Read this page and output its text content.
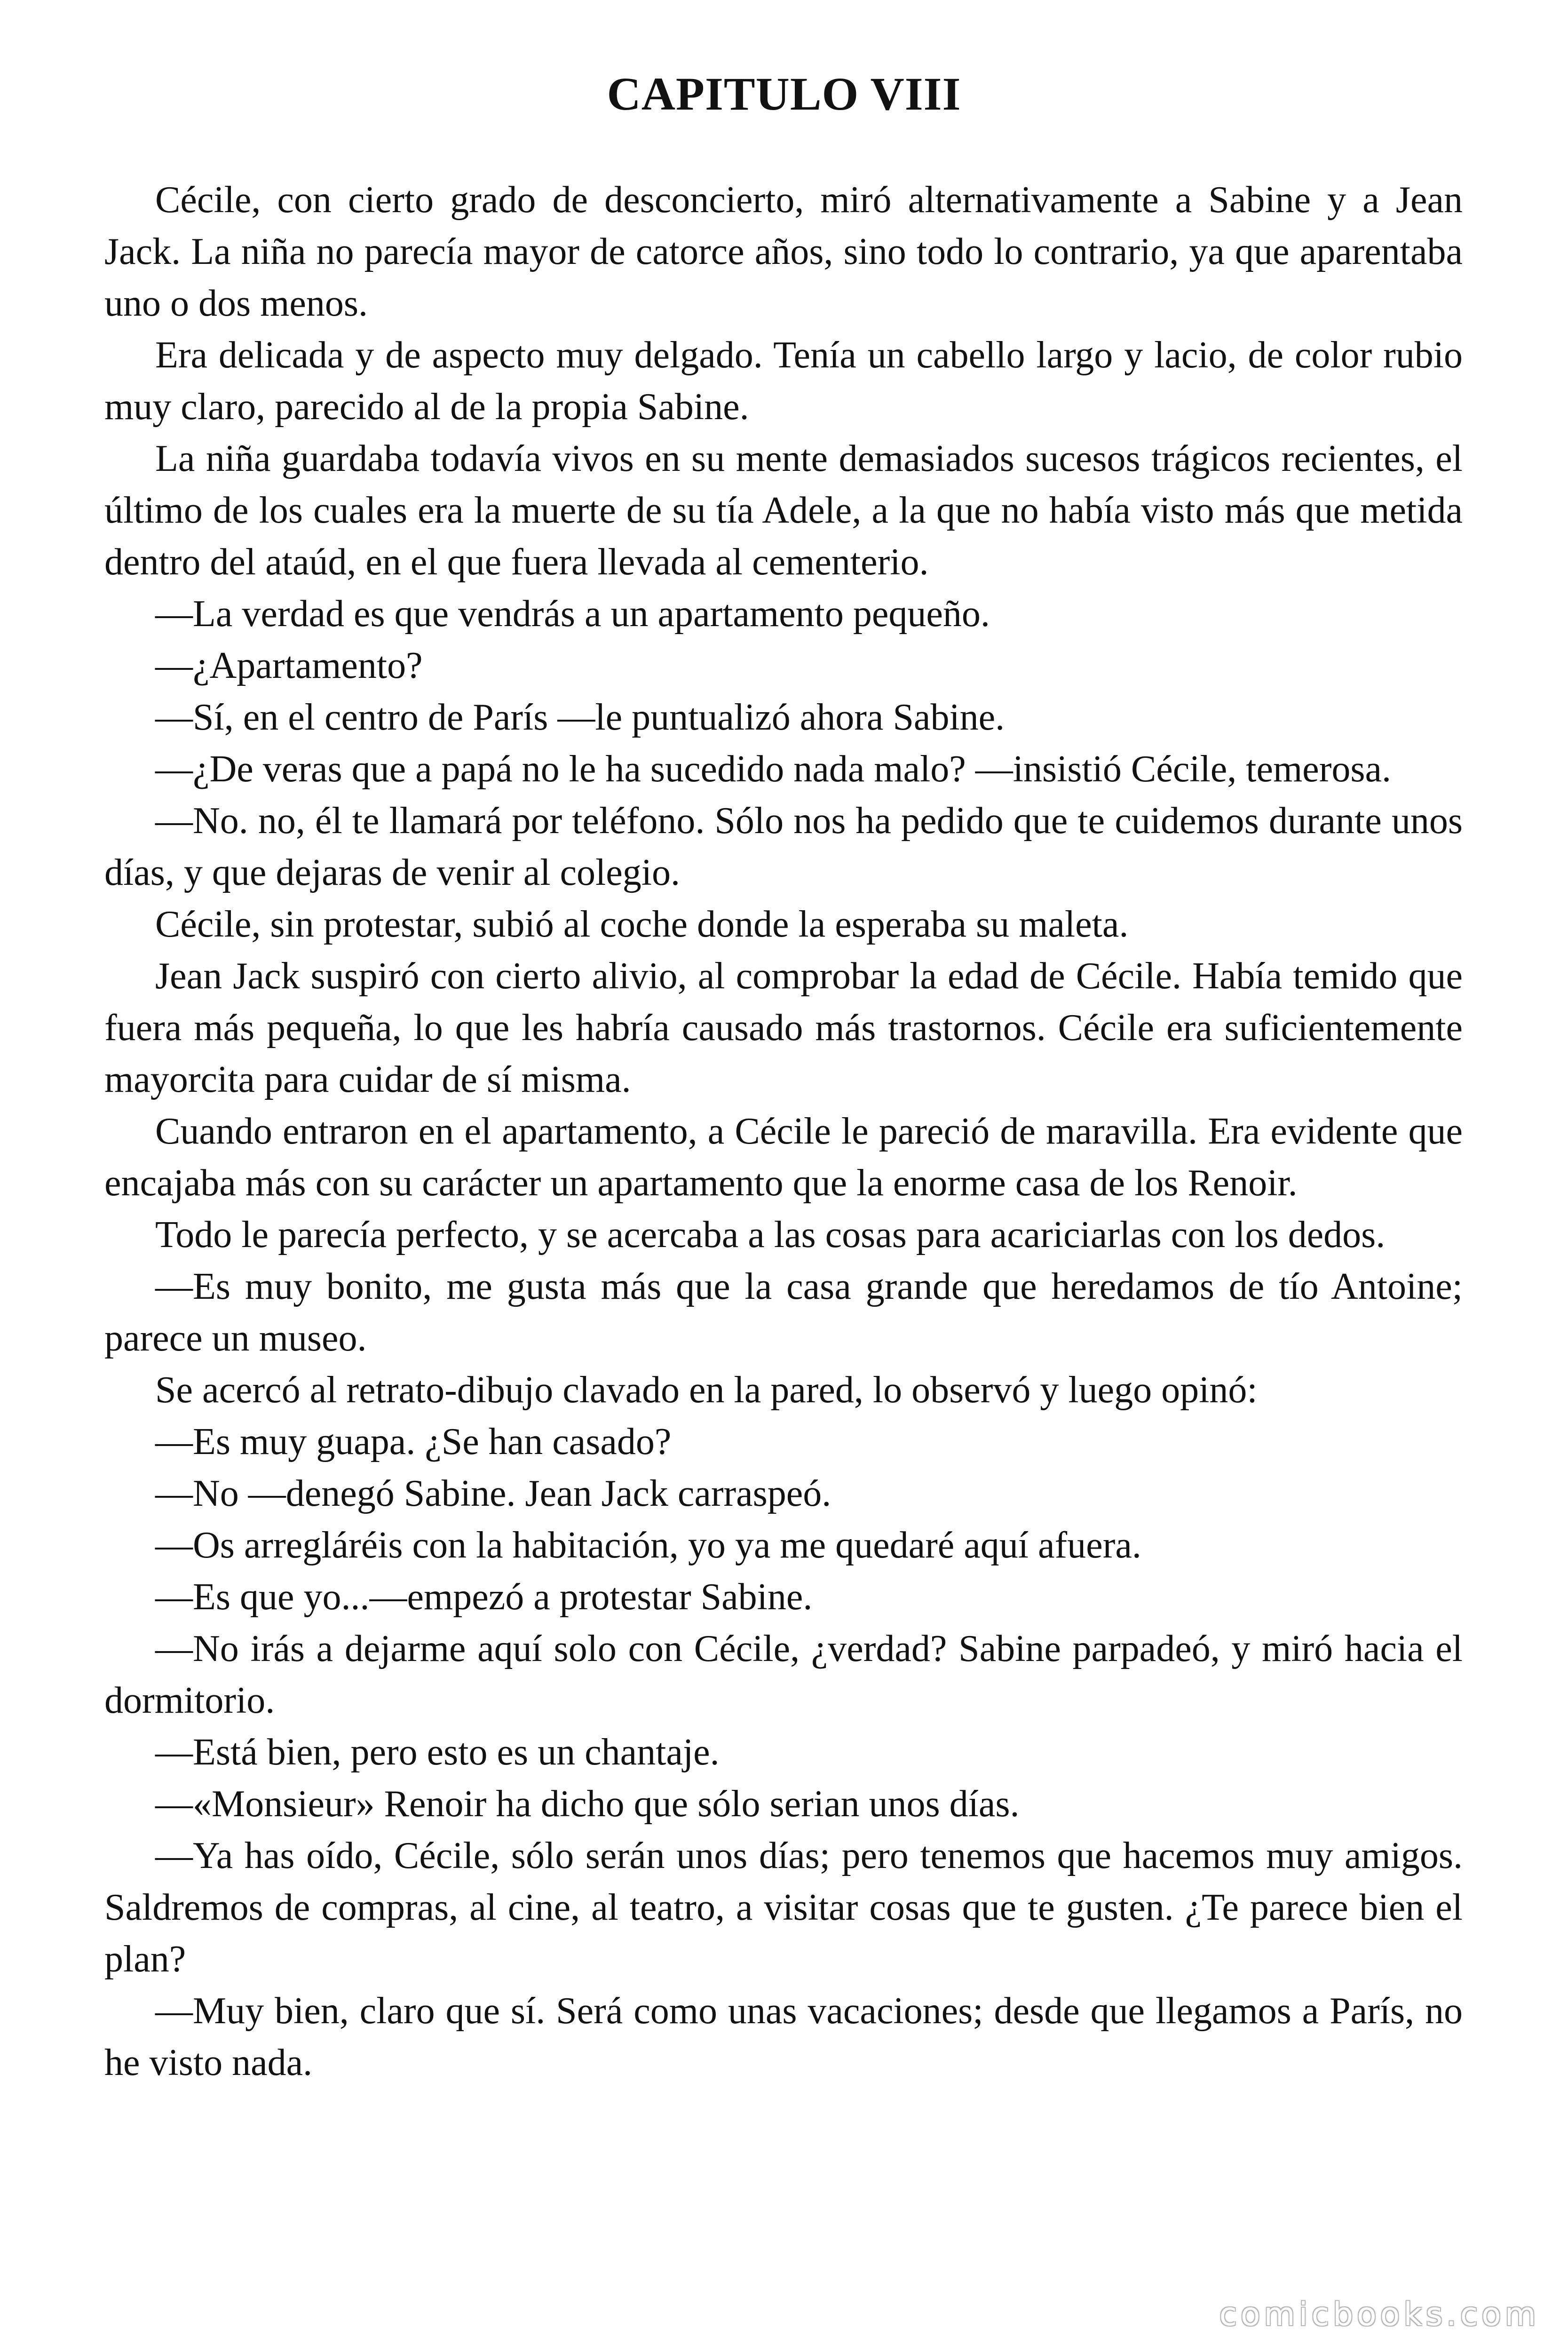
CAPITULO VIII

Cécile, con cierto grado de desconcierto, miró alternativamente a Sabine y a Jean Jack. La niña no parecía mayor de catorce años, sino todo lo contrario, ya que aparentaba uno o dos menos.

Era delicada y de aspecto muy delgado. Tenía un cabello largo y lacio, de color rubio muy claro, parecido al de la propia Sabine.

La niña guardaba todavía vivos en su mente demasiados sucesos trágicos recientes, el último de los cuales era la muerte de su tía Adele, a la que no había visto más que metida dentro del ataúd, en el que fuera llevada al cementerio.

—La verdad es que vendrás a un apartamento pequeño.

—¿Apartamento?

—Sí, en el centro de París —le puntualizó ahora Sabine.

—¿De veras que a papá no le ha sucedido nada malo? —insistió Cécile, temerosa.

—No. no, él te llamará por teléfono. Sólo nos ha pedido que te cuidemos durante unos días, y que dejaras de venir al colegio.

Cécile, sin protestar, subió al coche donde la esperaba su maleta.

Jean Jack suspiró con cierto alivio, al comprobar la edad de Cécile. Había temido que fuera más pequeña, lo que les habría causado más trastornos. Cécile era suficientemente mayorcita para cuidar de sí misma.

Cuando entraron en el apartamento, a Cécile le pareció de maravilla. Era evidente que encajaba más con su carácter un apartamento que la enorme casa de los Renoir.

Todo le parecía perfecto, y se acercaba a las cosas para acariciarlas con los dedos.

—Es muy bonito, me gusta más que la casa grande que heredamos de tío Antoine; parece un museo.

Se acercó al retrato-dibujo clavado en la pared, lo observó y luego opinó:

—Es muy guapa. ¿Se han casado?

—No —denegó Sabine. Jean Jack carraspeó.

—Os arregláréis con la habitación, yo ya me quedaré aquí afuera.

—Es que yo...—empezó a protestar Sabine.

—No irás a dejarme aquí solo con Cécile, ¿verdad? Sabine parpadeó, y miró hacia el dormitorio.

—Está bien, pero esto es un chantaje.

—«Monsieur» Renoir ha dicho que sólo serian unos días.

—Ya has oído, Cécile, sólo serán unos días; pero tenemos que hacemos muy amigos. Saldremos de compras, al cine, al teatro, a visitar cosas que te gusten. ¿Te parece bien el plan?

—Muy bien, claro que sí. Será como unas vacaciones; desde que llegamos a París, no he visto nada.

comicbooks.com
